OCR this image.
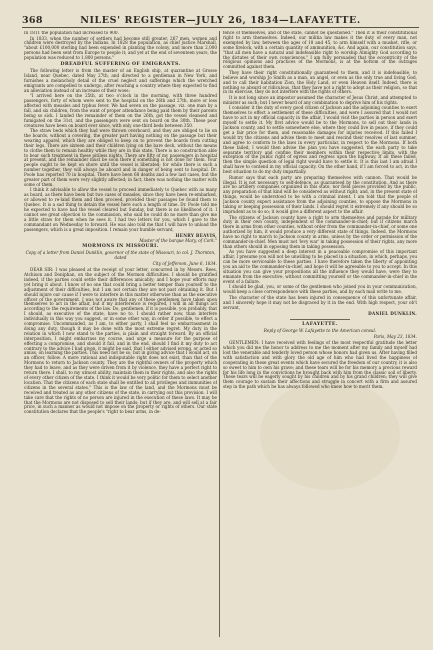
368	NILES' REGISTER—JULY 26, 1834—LAFAYETTE.

In 1811 the population had increased to 900.

In 1833, when the number of settlers had become still greater, 267 men, women and children were destroyed by the Indians. In 1828 the population, as chief justice Marshall, "about £100,000 sterling had been expended in planting the colony, and more than 2,000 persons had been sent from Europe to people it; and yet at the end of seventeen years, the population was reduced to 1,800 persons."

DREADFUL SUFFERING OF EMIGRANTS.

The following letter is from the master of an English ship, at quarantine at Grosse Island, near Quebec, dated May 27th, and directed to a gentleman in New York, and furnishes a melancholy detail of the cruel neglect and sufferings which the wretched emigrants are compelled to undergo, after reaching a country where they expected to find an alleviation instead of an increase of their woes:

"I arrived here on the 25th, at two o'clock in the morning, with three hundred passengers, forty of whom were sent to the hospital on the 26th and 27th, more or less affected with measles and typhus fever. We had seven on the passage, viz. one man by a fall, and six children, from the want of proper attendance being paid them by their parents being so sick. I landed the remainder of them on the 26th, got the vessel cleansed and fumigated on the 31st, and the passengers were sent on board on the 30th. These poor creatures have been on board ever since, with only one-third beds between 350.

The straw beds which they had were thrown overboard, and they are obliged to lie on the boards, without a covering, the greater part having nothing on the passage but their wearing apparel, which they are obliged to keep on to prevent the boards from cutting their legs. There are sixteen and their children lying on the bare deck, without the means to clothe them to remain healthy while they are in this state. There is no construction able to bear such treatment in these pitiless nights. There are fifty of my passengers in hospital at present, and the remainder must be soon there if something is not done for them. Your people ought to be kept on shore until the vessel is liberated; for while there is such a number together, they will always be aboard and in danger of being sent to hospital. Dr. Poole has reported 70 in hospital. There have been 68 deaths and a few last cases, but the greater part of them were very slightly affected; in fact, there was nothing the matter with some of them.

I think it advisable to allow the vessel to proceed immediately to Quebec with as many as board, as there have been but two cases of measles, since they have been re-embarked, or allowed to re-land them and then proceed, provided their passages be found them to Quebec. It is a sad thing to detain the vessel here such a length of time. Dr. Poole told me he expected to have had the vessel cleared but Sunday, but there is no likelihood of it. I cannot see great objection to the commission, who said he could do no more than give me a little straw for them when he sees it. I had two letters for you, which I gave to the commandant on Wednesday to forward. He was also told me that I will have to unload the passengers, which is a great imposition. I remain your humble servant,

HENRY BEAVIS,
Master of the barque Mary, of Cork."
MORMONS IN MISSOURI.
Copy of a letter from Daniel Dunklin, governor of the state of Missouri, to col. J. Thornton, dated
City of Jefferson, June 6, 1834.

DEAR SIR: I was pleased at the receipt of your letter, concurred in by Messrs. Rees, Atchison and Doniphan, on the subject of the Mormon difficulties. I should be gratified indeed, if the parties could settle their differences amicably; and I hope your efforts may yet bring it about. I know of no one that could bring a better temper than yourself to the adjustment of their difficulties, but I am not certain they are not past obtaining it. But I should injure our cause if I were to interfere in this matter otherwise than as the executive officer of the government. I was not aware that any of these gentlemen have taken upon themselves to act in the affair, but if my interference is required, I will in all things act according to the requirements of the law. Do, gentlemen, if it is possible, you probably, that I should, as executive of the state, have no to. I should rather now, than interfere individually in this way you suggest, or in some other way, in order if possible, to effect a compromise. Uncommanded, as I am, to either party, I shall feel no embarrassment in doing any duty, though it may be done with the most extreme regret. My duty in the relation in which I now stand to the parties, is plain and straight forward. By an official interposition, I might embarrass my course, and urge a measure for the purpose of effecting a compromise, and should it fail, and in the end, should I find it my duty to act contrary to the advice I had given, it might be said, that I either advised wrong, or acted so amiss, on learning the parties. This need not be so, but in giving advice that I would act, on an officer, follow. A more rational and indisputable right does not exist, than that of the Mormons to return to Jackson county. They are the rightful owners of the property which they had to leave, and as they were driven from it by violence, they have a perfect right to return there. I shall, to my utmost ability, maintain them in their rights, and also the rights of every other citizen of the state. I think it would be very politic for them to select another location. That the citizens of each state shall be entitled to all privileges and immunities of citizens in the several states." This is the law of the land, and the Mormons must be received and treated as any other citizens of the state, in carrying out this provision. I will take care that the rights of no person are injured in the execution of these laws. It may be that the Mormons are not disposed to sell their lands; but if they are, and will sell at a fair price, in such a manner as would not impose on the property or rights of others. Our state constitution declares that the people's "right to bear arms, in de-

fence of themselves, and of the state, cannot be questioned." Then it is their constitutional right to arm themselves. Indeed, our militia law makes it the duty of every man, not exempted by law, between the ages of 18 and 45, to arm himself with a musket, rifle, or some firelock, with a certain quantity of ammunition, &c. And again, our constitution says, "that all men have a natural and indefeasible right to worship Almighty God according to the dictates of their own consciences." I am fully persuaded that the eccentricity of the religious opinions and practices of the Mormons, is at the bottom of the outrages committed against them.

They have their right constitutionally guaranteed to them, and it is indefeasible, to believe and worship Jo Smith as a man, an angel, or even as the only true and living God, and to call their habitation Zion, the Holy Land, or even Heaven itself. Indeed, there is nothing so absurd or ridiculous, that they have not a right to adopt as their religion, so that in its exercise, they do not interfere with the rights of others.

It is not long since an impostor assumed the character of Jesus Christ, and attempted to minister as such; but I never heard of any combination to deprive him of his rights.

I consider it the duty of every good citizen of Jackson and the adjoining counties to exert themselves to effect a settlement of these difficulties, and were I assured that I would not have to act in my official capacity in the affair, I would visit the parties in person and exert myself to settle it. My first advice would be to the Mormons, to sell out their lands in Jackson county, and to settle somewhere else, where they could live in peace, if they could get a fair price for them, and reasonable damages for injuries received. If this failed I would try the citizens and advise them to meet and rescind their resolves of last summer, and agree to conform to the laws in every particular, in respect to the Mormons. If both these failed, I would then advise the plan you have suggested, the each party to take separate territory and confine their members within their respective limits, with the exception of the public right of egress and regress upon the highway. If all these failed, then the simple question of legal right would have to settle it. It is this last I am afraid I shall have to contend in my official capacity. On the other hand, if I am forced to act, in the best situation to do my duty impartially.

Rumor says that each party are preparing themselves with cannon. That would be illegal. It is not necessary to self-defence, as guaranteed by the constitution. And as there are no artillery companies organized in this state, nor field pieces provided by the public, any preparation of that kind will be considered as without right; and, in the present state of things, would be understood to be with a criminal intent. I am told that the people of Jackson county expect assistance from the adjoining counties, to oppose the Mormons in taking or keeping possession of their lands. I should regret it extremely if any should be so imprudent as to do so; it would give a different aspect to the affair.

The citizens of Jackson county have a right to arm themselves and parade for military duty in their own county, independent of the commander-in-chief; but if citizens march there in arms from other counties, without order from the commander-in-chief, or some one authorized by him, it would produce a very different state of things. Indeed, the Mormons have no right to march to Jackson county in arms, unless by the order or permission of the commander-in-chief. Men must not 'levy war' in taking possession of their rights, any more than others should in opposing them in taking possession.

As you have suggested a deep interest in a peaceable compromise of this important affair, I presume you will not be unwilling to be placed in a situation, in which, perhaps, you can be more serviceable to these parties. I have therefore taken the liberty of appointing you an aid to the commander-in-chief, and hope it will be agreeable to you to accept. In this situation you can give your propositions all the influence they would have, were they to emanate from the executive, without committing yourself or the commander-in-chief in the event of a failure.

I should be glad, you, or some of the gentlemen who joined you in your communication, would keep a close correspondence with these parties, and by each mail write to me.

The character of the state has been injured in consequence of this unfortunate affair, and I sincerely hope it may not be disgraced by it in the end. With high respect, your ob't servant,

DANIEL DUNKLIN.
LAFAYETTE.
Reply of George W. Lafayette to the American consul.
Paris, May 23, 1834.

GENTLEMEN: I have received with feelings of the most respectful gratitude the letter which you did me the honor to address to me the moment after my family and myself had lost the venerable and tenderly loved person whose honors had given us. After having filled with satisfaction and with glory the old age of him who had lived the happiness of cooperating in these great events which have secured the freedom of our country, it is also so sweet to him to own his grave; and these tears will be for his memory a precious reward for his life long in the convictions he brought back with him from the classic soil of liberty. These tears will be eagerly sought by his children and by his grand children; they will give them courage to sustain their affections and struggle in concert with a firm and assured step in the path which he has always followed who knew how to merit them.
